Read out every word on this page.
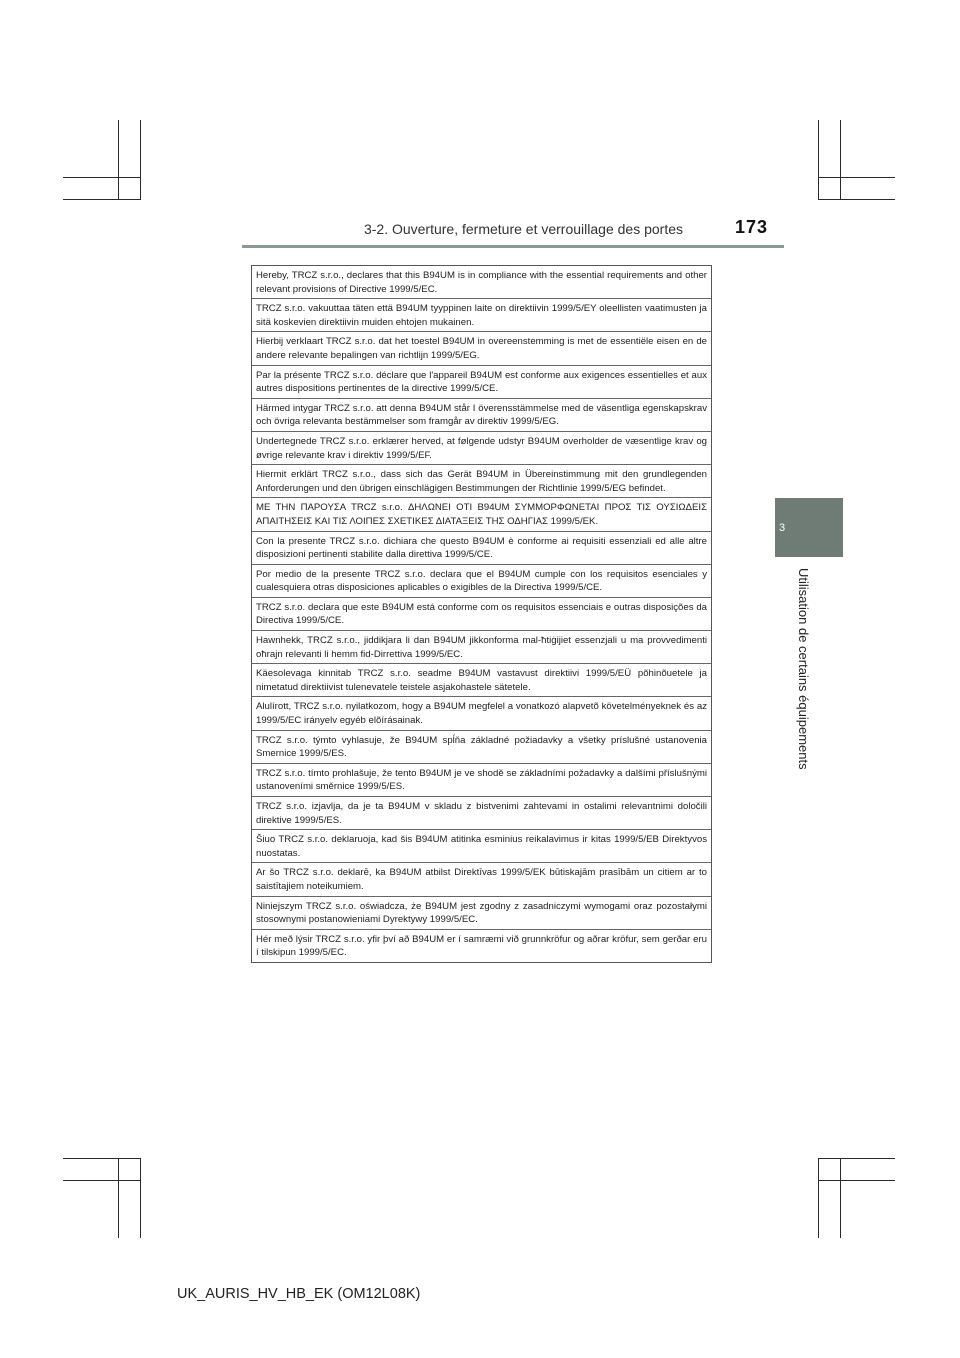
3-2. Ouverture, fermeture et verrouillage des portes	173
3
Utilisation de certains équipements
Hereby, TRCZ s.r.o., declares that this B94UM is in compliance with the essential requirements and other relevant provisions of Directive 1999/5/EC.
TRCZ s.r.o. vakuuttaa täten että B94UM tyyppinen laite on direktiivin 1999/5/EY oleellisten vaatimusten ja sitä koskevien direktiivin muiden ehtojen mukainen.
Hierbij verklaart TRCZ s.r.o. dat het toestel B94UM in overeenstemming is met de essentiële eisen en de andere relevante bepalingen van richtlijn 1999/5/EG.
Par la présente TRCZ s.r.o. déclare que l'appareil B94UM est conforme aux exigences essentielles et aux autres dispositions pertinentes de la directive 1999/5/CE.
Härmed intygar TRCZ s.r.o. att denna B94UM står I överensstämmelse med de väsentliga egenskapskrav och övriga relevanta bestämmelser som framgår av direktiv 1999/5/EG.
Undertegnede TRCZ s.r.o. erklærer herved, at følgende udstyr B94UM overholder de væsentlige krav og øvrige relevante krav i direktiv 1999/5/EF.
Hiermit erklärt TRCZ s.r.o., dass sich das Gerät B94UM in Übereinstimmung mit den grundlegenden Anforderungen und den übrigen einschlägigen Bestimmungen der Richtlinie 1999/5/EG befindet.
ΜΕ ΤΗΝ ΠΑΡΟΥΣΑ TRCZ s.r.o. ΔΗΛΩΝΕΙ ΟΤΙ B94UM ΣΥΜΜΟΡΦΩΝΕΤΑΙ ΠΡΟΣ ΤΙΣ ΟΥΣΙΩΔΕΙΣ ΑΠΑΙΤΗΣΕΙΣ ΚΑΙ ΤΙΣ ΛΟΙΠΕΣ ΣΧΕΤΙΚΕΣ ΔΙΑΤΑΞΕΙΣ ΤΗΣ ΟΔΗΓΙΑΣ 1999/5/ΕΚ.
Con la presente TRCZ s.r.o. dichiara che questo B94UM è conforme ai requisiti essenziali ed alle altre disposizioni pertinenti stabilite dalla direttiva 1999/5/CE.
Por medio de la presente TRCZ s.r.o. declara que el B94UM cumple con los requisitos esenciales y cualesquiera otras disposiciones aplicables o exigibles de la Directiva 1999/5/CE.
TRCZ s.r.o. declara que este B94UM está conforme com os requisitos essenciais e outras disposições da Directiva 1999/5/CE.
Hawnhekk, TRCZ s.r.o., jiddikjara li dan B94UM jikkonforma mal-ħtiġijiet essenzjali u ma provvedimenti oħrajn relevanti li hemm fid-Dirrettiva 1999/5/EC.
Käesolevaga kinnitab TRCZ s.r.o. seadme B94UM vastavust direktiivi 1999/5/EÜ põhinõuetele ja nimetatud direktiivist tulenevatele teistele asjakohastele sätetele.
Alulírott, TRCZ s.r.o. nyilatkozom, hogy a B94UM megfelel a vonatkozó alapvetõ követelményeknek és az 1999/5/EC irányelv egyéb elõírásainak.
TRCZ s.r.o. týmto vyhlasuje, že B94UM spĺňa základné požiadavky a všetky príslušné ustanovenia Smernice 1999/5/ES.
TRCZ s.r.o. tímto prohlašuje, že tento B94UM je ve shodě se základními požadavky a dalšími příslušnými ustanoveními směrnice 1999/5/ES.
TRCZ s.r.o. izjavlja, da je ta B94UM v skladu z bistvenimi zahtevami in ostalimi relevantnimi določili direktive 1999/5/ES.
Šiuo TRCZ s.r.o. deklaruoja, kad šis B94UM atitinka esminius reikalavimus ir kitas 1999/5/EB Direktyvos nuostatas.
Ar šo TRCZ s.r.o. deklarē, ka B94UM atbilst Direktīvas 1999/5/EK būtiskajām prasībām un citiem ar to saistītajiem noteikumiem.
Niniejszym TRCZ s.r.o. oświadcza, że B94UM jest zgodny z zasadniczymi wymogami oraz pozostałymi stosownymi postanowieniami Dyrektywy 1999/5/EC.
Hér með lýsir TRCZ s.r.o. yfir því að B94UM er í samræmi við grunnkröfur og aðrar kröfur, sem gerðar eru í tilskipun 1999/5/EC.
UK_AURIS_HV_HB_EK (OM12L08K)
